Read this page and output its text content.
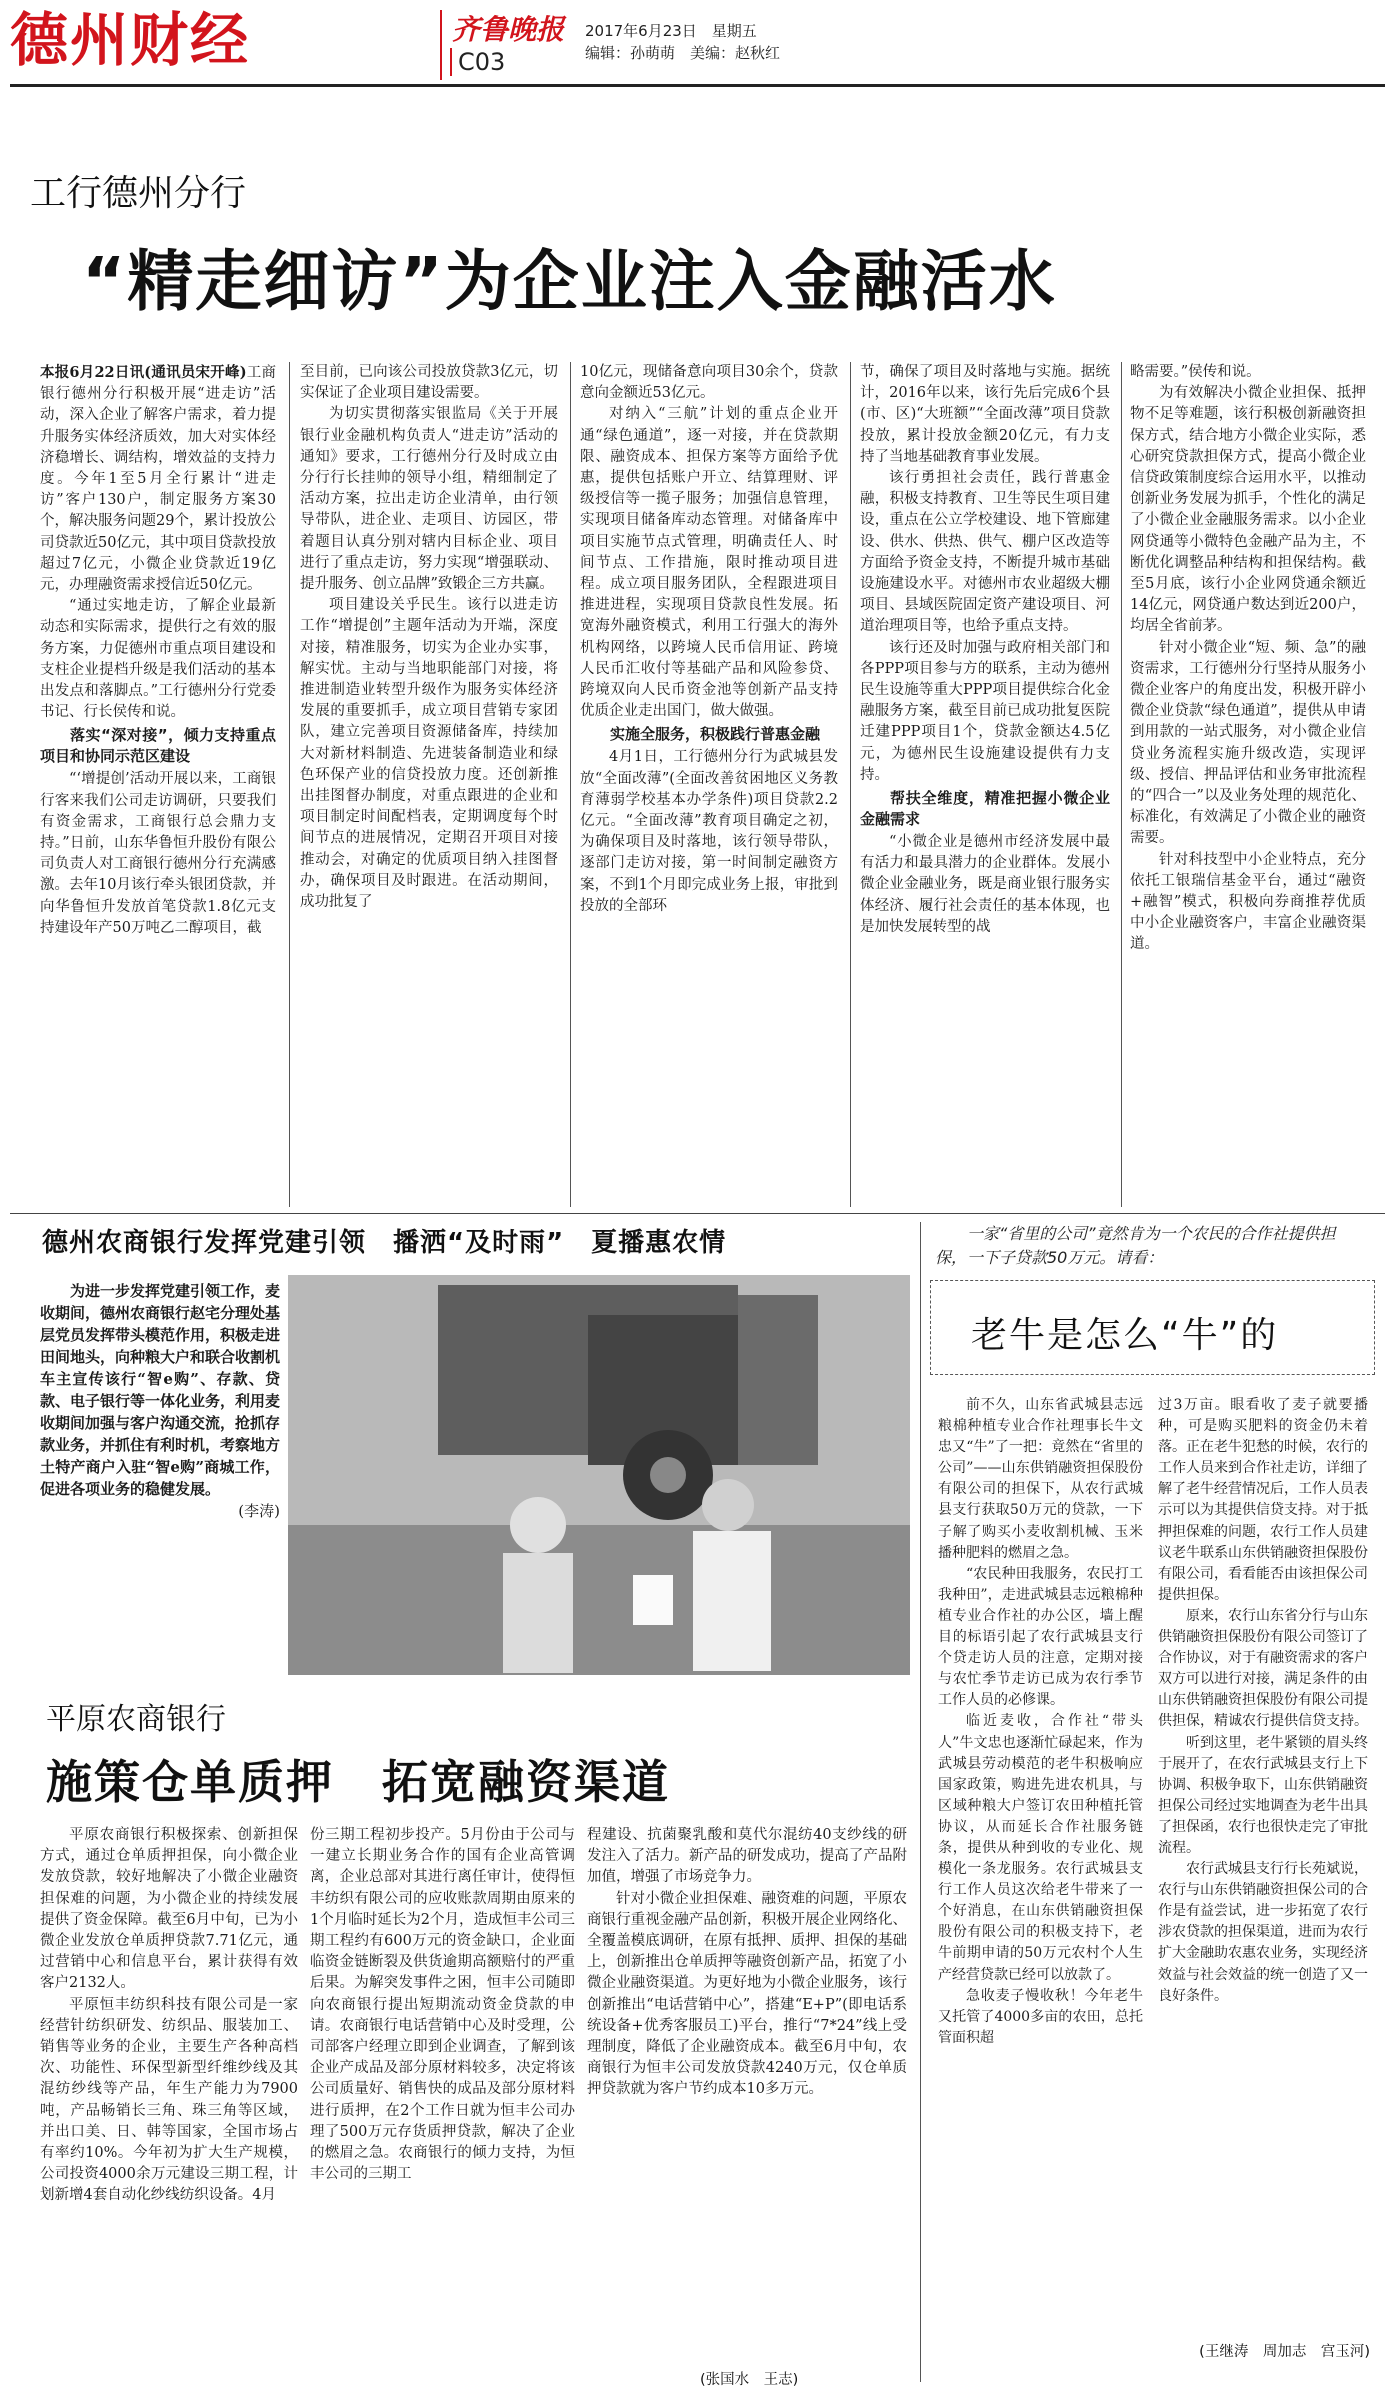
德州财经	齐鲁晚报
C03
2017年6月23日　星期五
编辑：孙萌萌　美编：赵秋红
工行德州分行
“精走细访”为企业注入金融活水

本报6月22日讯(通讯员宋开峰)工商银行德州分行积极开展“进走访”活动，深入企业了解客户需求，着力提升服务实体经济质效，加大对实体经济稳增长、调结构，增效益的支持力度。今年1至5月全行累计“进走访”客户130户，制定服务方案30个，解决服务问题29个，累计投放公司贷款近50亿元，其中项目贷款投放超过7亿元，小微企业贷款近19亿元，办理融资需求授信近50亿元。

“通过实地走访，了解企业最新动态和实际需求，提供行之有效的服务方案，力促德州市重点项目建设和支柱企业提档升级是我们活动的基本出发点和落脚点。”工行德州分行党委书记、行长侯传和说。

落实“深对接”，倾力支持重点项目和协同示范区建设

“‘增提创’活动开展以来，工商银行客来我们公司走访调研，只要我们有资金需求，工商银行总会鼎力支持。”日前，山东华鲁恒升股份有限公司负责人对工商银行德州分行充满感激。去年10月该行牵头银团贷款，并向华鲁恒升发放首笔贷款1.8亿元支持建设年产50万吨乙二醇项目，截

至目前，已向该公司投放贷款3亿元，切实保证了企业项目建设需要。

为切实贯彻落实银监局《关于开展银行业金融机构负责人“进走访”活动的通知》要求，工行德州分行及时成立由分行行长挂帅的领导小组，精细制定了活动方案，拉出走访企业清单，由行领导带队，进企业、走项目、访园区，带着题目认真分别对辖内目标企业、项目进行了重点走访，努力实现“增强联动、提升服务、创立品牌”致锻企三方共赢。

项目建设关乎民生。该行以进走访工作“增提创”主题年活动为开端，深度对接，精准服务，切实为企业办实事，解实忧。主动与当地职能部门对接，将推进制造业转型升级作为服务实体经济发展的重要抓手，成立项目营销专家团队，建立完善项目资源储备库，持续加大对新材料制造、先进装备制造业和绿色环保产业的信贷投放力度。还创新推出挂图督办制度，对重点跟进的企业和项目制定时间配档表，定期调度每个时间节点的进展情况，定期召开项目对接推动会，对确定的优质项目纳入挂图督办，确保项目及时跟进。在活动期间，成功批复了

10亿元，现储备意向项目30余个，贷款意向金额近53亿元。

对纳入“三航”计划的重点企业开通“绿色通道”，逐一对接，并在贷款期限、融资成本、担保方案等方面给予优惠，提供包括账户开立、结算理财、评级授信等一揽子服务；加强信息管理，实现项目储备库动态管理。对储备库中项目实施节点式管理，明确责任人、时间节点、工作措施，限时推动项目进程。成立项目服务团队，全程跟进项目推进进程，实现项目贷款良性发展。拓宽海外融资模式，利用工行强大的海外机构网络，以跨境人民币信用证、跨境人民币汇收付等基础产品和风险参贷、跨境双向人民币资金池等创新产品支持优质企业走出国门，做大做强。

实施全服务，积极践行普惠金融

4月1日，工行德州分行为武城县发放“全面改薄”(全面改善贫困地区义务教育薄弱学校基本办学条件)项目贷款2.2亿元。“全面改薄”教育项目确定之初，为确保项目及时落地，该行领导带队，逐部门走访对接，第一时间制定融资方案，不到1个月即完成业务上报，审批到投放的全部环

节，确保了项目及时落地与实施。据统计，2016年以来，该行先后完成6个县(市、区)“大班额”“全面改薄”项目贷款投放，累计投放金额20亿元，有力支持了当地基础教育事业发展。

该行勇担社会责任，践行普惠金融，积极支持教育、卫生等民生项目建设，重点在公立学校建设、地下管廊建设、供水、供热、供气、棚户区改造等方面给予资金支持，不断提升城市基础设施建设水平。对德州市农业超级大棚项目、县域医院固定资产建设项目、河道治理项目等，也给予重点支持。

该行还及时加强与政府相关部门和各PPP项目参与方的联系，主动为德州民生设施等重大PPP项目提供综合化金融服务方案，截至目前已成功批复医院迁建PPP项目1个，贷款金额达4.5亿元，为德州民生设施建设提供有力支持。

帮扶全维度，精准把握小微企业金融需求

“小微企业是德州市经济发展中最有活力和最具潜力的企业群体。发展小微企业金融业务，既是商业银行服务实体经济、履行社会责任的基本体现，也是加快发展转型的战

略需要。”侯传和说。

为有效解决小微企业担保、抵押物不足等难题，该行积极创新融资担保方式，结合地方小微企业实际，悉心研究贷款担保方式，提高小微企业信贷政策制度综合运用水平，以推动创新业务发展为抓手，个性化的满足了小微企业金融服务需求。以小企业网贷通等小微特色金融产品为主，不断优化调整品种结构和担保结构。截至5月底，该行小企业网贷通余额近14亿元，网贷通户数达到近200户，均居全省前茅。

针对小微企业“短、频、急”的融资需求，工行德州分行坚持从服务小微企业客户的角度出发，积极开辟小微企业贷款“绿色通道”，提供从申请到用款的一站式服务，对小微企业信贷业务流程实施升级改造，实现评级、授信、押品评估和业务审批流程的“四合一”以及业务处理的规范化、标准化，有效满足了小微企业的融资需要。

针对科技型中小企业特点，充分依托工银瑞信基金平台，通过“融资+融智”模式，积极向券商推荐优质中小企业融资客户，丰富企业融资渠道。

德州农商银行发挥党建引领　播洒“及时雨”　夏播惠农情

为进一步发挥党建引领工作，麦收期间，德州农商银行赵宅分理处基层党员发挥带头模范作用，积极走进田间地头，向种粮大户和联合收割机车主宣传该行“智e购”、存款、贷款、电子银行等一体化业务，利用麦收期间加强与客户沟通交流，抢抓存款业务，并抓住有利时机，考察地方土特产商户入驻“智e购”商城工作，促进各项业务的稳健发展。
(李涛)

平原农商银行
施策仓单质押　拓宽融资渠道

平原农商银行积极探索、创新担保方式，通过仓单质押担保，向小微企业发放贷款，较好地解决了小微企业融资担保难的问题，为小微企业的持续发展提供了资金保障。截至6月中旬，已为小微企业发放仓单质押贷款7.71亿元，通过营销中心和信息平台，累计获得有效客户2132人。

平原恒丰纺织科技有限公司是一家经营针纺织研发、纺织品、服装加工、销售等业务的企业，主要生产各种高档次、功能性、环保型新型纤维纱线及其混纺纱线等产品，年生产能力为7900吨，产品畅销长三角、珠三角等区域，并出口美、日、韩等国家，全国市场占有率约10%。今年初为扩大生产规模，公司投资4000余万元建设三期工程，计划新增4套自动化纱线纺织设备。4月

份三期工程初步投产。5月份由于公司与一建立长期业务合作的国有企业高管调离，企业总部对其进行离任审计，使得恒丰纺织有限公司的应收账款周期由原来的1个月临时延长为2个月，造成恒丰公司三期工程约有600万元的资金缺口，企业面临资金链断裂及供货逾期高额赔付的严重后果。为解突发事件之困，恒丰公司随即向农商银行提出短期流动资金贷款的申请。农商银行电话营销中心及时受理，公司部客户经理立即到企业调查，了解到该企业产成品及部分原材料较多，决定将该公司质量好、销售快的成品及部分原材料进行质押，在2个工作日就为恒丰公司办理了500万元存货质押贷款，解决了企业的燃眉之急。农商银行的倾力支持，为恒丰公司的三期工

程建设、抗菌聚乳酸和莫代尔混纺40支纱线的研发注入了活力。新产品的研发成功，提高了产品附加值，增强了市场竞争力。

针对小微企业担保难、融资难的问题，平原农商银行重视金融产品创新，积极开展企业网络化、全覆盖模底调研，在原有抵押、质押、担保的基础上，创新推出仓单质押等融资创新产品，拓宽了小微企业融资渠道。为更好地为小微企业服务，该行创新推出“电话营销中心”，搭建“E+P”(即电话系统设备+优秀客服员工)平台，推行“7*24”线上受理制度，降低了企业融资成本。截至6月中旬，农商银行为恒丰公司发放贷款4240万元，仅仓单质押贷款就为客户节约成本10多万元。

(张国水　王志)
一家“省里的公司”竟然肯为一个农民的合作社提供担保，一下子贷款50万元。请看：
老牛是怎么“牛”的

前不久，山东省武城县志远粮棉种植专业合作社理事长牛文忠又“牛”了一把：竟然在“省里的公司”——山东供销融资担保股份有限公司的担保下，从农行武城县支行获取50万元的贷款，一下子解了购买小麦收割机械、玉米播种肥料的燃眉之急。

“农民种田我服务，农民打工我种田”，走进武城县志远粮棉种植专业合作社的办公区，墙上醒目的标语引起了农行武城县支行个贷走访人员的注意，定期对接与农忙季节走访已成为农行季节工作人员的必修课。

临近麦收，合作社“带头人”牛文忠也逐渐忙碌起来，作为武城县劳动模范的老牛积极响应国家政策，购进先进农机具，与区域种粮大户签订农田种植托管协议，从而延长合作社服务链条，提供从种到收的专业化、规模化一条龙服务。农行武城县支行工作人员这次给老牛带来了一个好消息，在山东供销融资担保股份有限公司的积极支持下，老牛前期申请的50万元农村个人生产经营贷款已经可以放款了。

急收麦子慢收秋！今年老牛又托管了4000多亩的农田，总托管面积超

过3万亩。眼看收了麦子就要播种，可是购买肥料的资金仍未着落。正在老牛犯愁的时候，农行的工作人员来到合作社走访，详细了解了老牛经营情况后，工作人员表示可以为其提供信贷支持。对于抵押担保难的问题，农行工作人员建议老牛联系山东供销融资担保股份有限公司，看看能否由该担保公司提供担保。

原来，农行山东省分行与山东供销融资担保股份有限公司签订了合作协议，对于有融资需求的客户双方可以进行对接，满足条件的由山东供销融资担保股份有限公司提供担保，精诚农行提供信贷支持。

听到这里，老牛紧锁的眉头终于展开了，在农行武城县支行上下协调、积极争取下，山东供销融资担保公司经过实地调查为老牛出具了担保函，农行也很快走完了审批流程。

农行武城县支行行长苑斌说，农行与山东供销融资担保公司的合作是有益尝试，进一步拓宽了农行涉农贷款的担保渠道，进而为农行扩大金融助农惠农业务，实现经济效益与社会效益的统一创造了又一良好条件。

(王继涛　周加志　宫玉河)
